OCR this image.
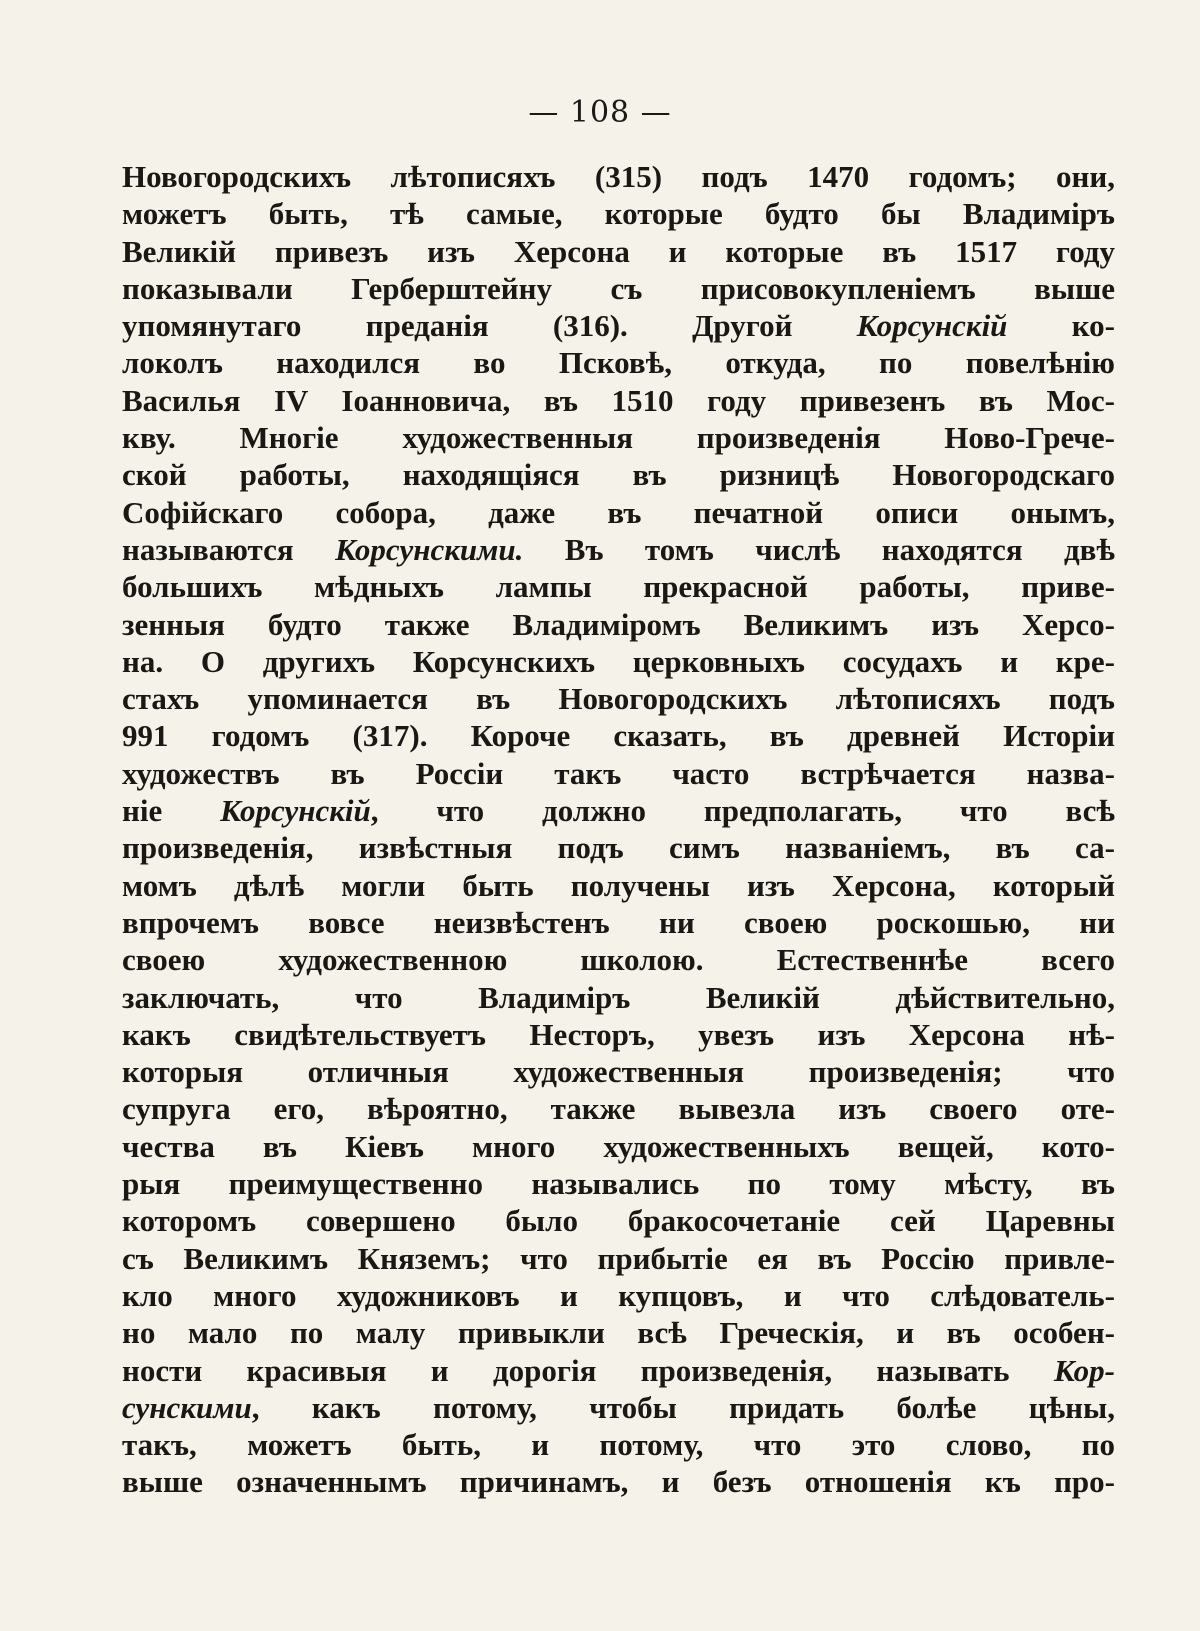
— 108 —
Новогородскихъ лѣтописяхъ (315) подъ 1470 годомъ; они,
можетъ быть, тѣ самые, которые будто бы Владимiръ
Великiй привезъ изъ Херсона и которые въ 1517 году
показывали Герберштейну съ присовокупленiемъ выше
упомянутаго преданiя (316). Другой Корсунскiй ко-
локолъ находился во Псковѣ, откуда, по повелѣнiю
Василья IV Iоанновича, въ 1510 году привезенъ въ Мос-
кву. Многiе художественныя произведенiя Ново-Грече-
ской работы, находящiяся въ ризницѣ Новогородскаго
Софiйскаго собора, даже въ печатной описи онымъ,
называются Корсунскими. Въ томъ числѣ находятся двѣ
большихъ мѣдныхъ лампы прекрасной работы, приве-
зенныя будто также Владимiромъ Великимъ изъ Херсо-
на. О другихъ Корсунскихъ церковныхъ сосудахъ и кре-
стахъ упоминается въ Новогородскихъ лѣтописяхъ подъ
991 годомъ (317). Короче сказать, въ древней Исторiи
художествъ въ Россiи такъ часто встрѣчается назва-
нiе Корсунскiй, что должно предполагать, что всѣ
произведенiя, извѣстныя подъ симъ названiемъ, въ са-
момъ дѣлѣ могли быть получены изъ Херсона, который
впрочемъ вовсе неизвѣстенъ ни своею роскошью, ни
своею художественною школою. Естественнѣе всего
заключать, что Владимiръ Великiй дѣйствительно,
какъ свидѣтельствуетъ Несторъ, увезъ изъ Херсона нѣ-
которыя отличныя художественныя произведенiя; что
супруга его, вѣроятно, также вывезла изъ своего оте-
чества въ Кiевъ много художественныхъ вещей, кото-
рыя преимущественно назывались по тому мѣсту, въ
которомъ совершено было бракосочетанiе сей Царевны
съ Великимъ Княземъ; что прибытiе ея въ Россiю привле-
кло много художниковъ и купцовъ, и что слѣдователь-
но мало по малу привыкли всѣ Греческiя, и въ особен-
ности красивыя и дорогiя произведенiя, называть Кор-
сунскими, какъ потому, чтобы придать болѣе цѣны,
такъ, можетъ быть, и потому, что это слово, по
выше означеннымъ причинамъ, и безъ отношенiя къ про-
